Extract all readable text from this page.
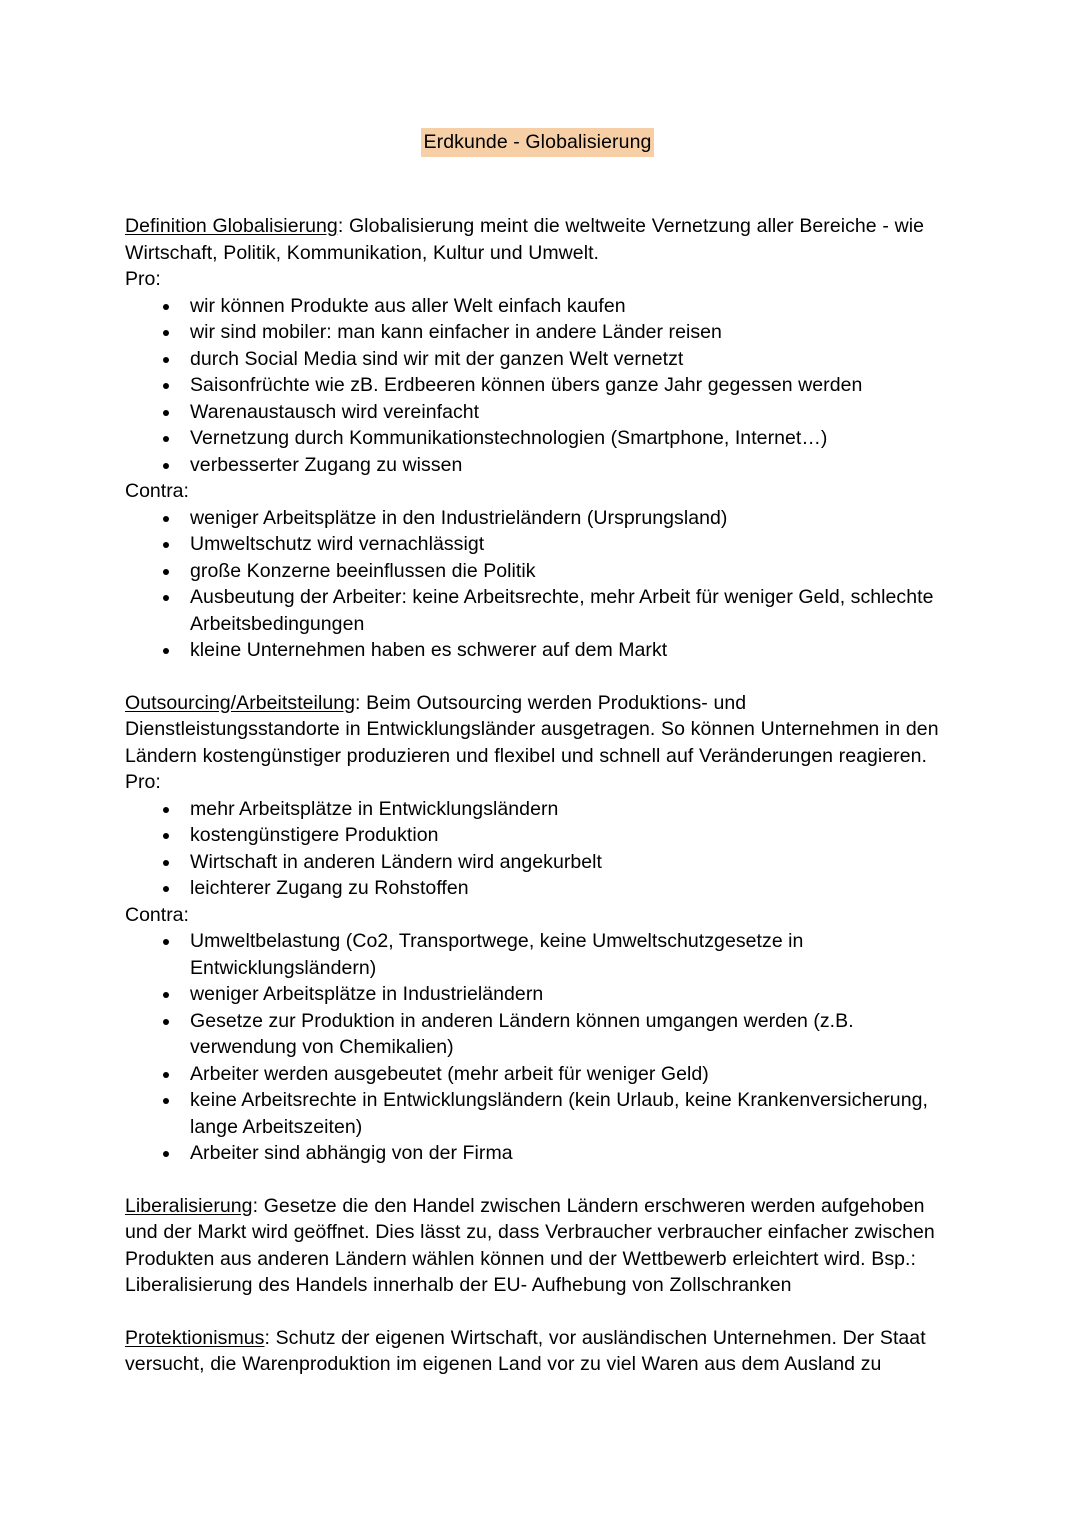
Erdkunde - Globalisierung

Definition Globalisierung: Globalisierung meint die weltweite Vernetzung aller Bereiche - wie Wirtschaft, Politik, Kommunikation, Kultur und Umwelt.

Pro:

wir können Produkte aus aller Welt einfach kaufen
wir sind mobiler: man kann einfacher in andere Länder reisen
durch Social Media sind wir mit der ganzen Welt vernetzt
Saisonfrüchte wie zB. Erdbeeren können übers ganze Jahr gegessen werden
Warenaustausch wird vereinfacht
Vernetzung durch Kommunikationstechnologien (Smartphone, Internet…)
verbesserter Zugang zu wissen

Contra:

weniger Arbeitsplätze in den Industrieländern (Ursprungsland)
Umweltschutz wird vernachlässigt
große Konzerne beeinflussen die Politik
Ausbeutung der Arbeiter: keine Arbeitsrechte, mehr Arbeit für weniger Geld, schlechte Arbeitsbedingungen
kleine Unternehmen haben es schwerer auf dem Markt

Outsourcing/Arbeitsteilung: Beim Outsourcing werden Produktions- und Dienstleistungsstandorte in Entwicklungsländer ausgetragen. So können Unternehmen in den Ländern kostengünstiger produzieren und flexibel und schnell auf Veränderungen reagieren.

Pro:

mehr Arbeitsplätze in Entwicklungsländern
kostengünstigere Produktion
Wirtschaft in anderen Ländern wird angekurbelt
leichterer Zugang zu Rohstoffen

Contra:

Umweltbelastung (Co2, Transportwege, keine Umweltschutzgesetze in Entwicklungsländern)
weniger Arbeitsplätze in Industrieländern
Gesetze zur Produktion in anderen Ländern können umgangen werden (z.B. verwendung von Chemikalien)
Arbeiter werden ausgebeutet (mehr arbeit für weniger Geld)
keine Arbeitsrechte in Entwicklungsländern (kein Urlaub, keine Krankenversicherung, lange Arbeitszeiten)
Arbeiter sind abhängig von der Firma

Liberalisierung: Gesetze die den Handel zwischen Ländern erschweren werden aufgehoben und der Markt wird geöffnet. Dies lässt zu, dass Verbraucher verbraucher einfacher zwischen Produkten aus anderen Ländern wählen können und der Wettbewerb erleichtert wird. Bsp.: Liberalisierung des Handels innerhalb der EU- Aufhebung von Zollschranken

Protektionismus: Schutz der eigenen Wirtschaft, vor ausländischen Unternehmen. Der Staat versucht, die Warenproduktion im eigenen Land vor zu viel Waren aus dem Ausland zu
